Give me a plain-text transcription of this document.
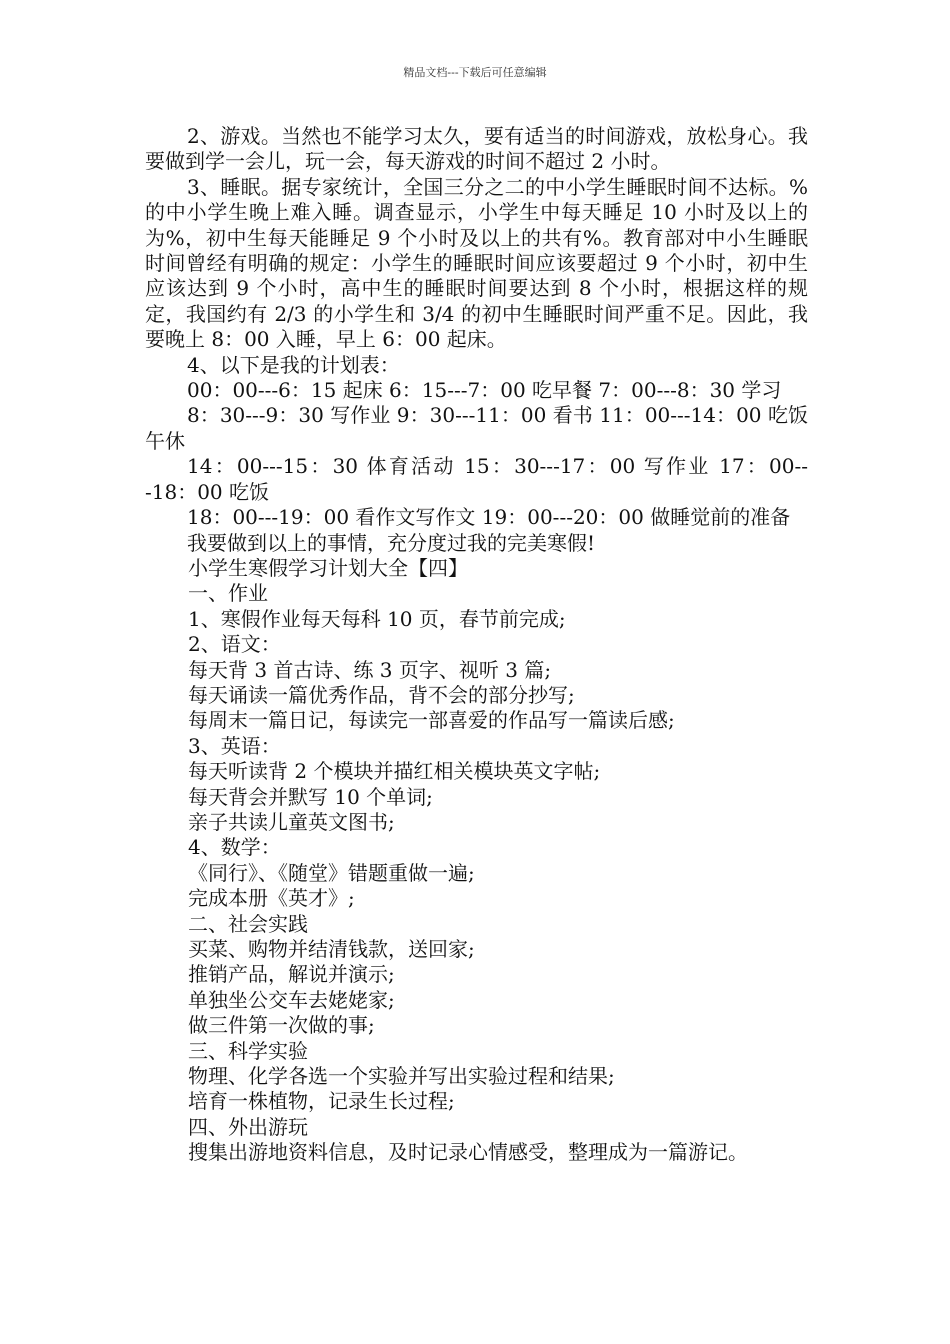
精品文档---下载后可任意编辑

2、游戏。当然也不能学习太久，要有适当的时间游戏，放松身心。我要做到学一会儿，玩一会，每天游戏的时间不超过 2 小时。

3、睡眠。据专家统计，全国三分之二的中小学生睡眠时间不达标。%的中小学生晚上难入睡。调查显示，小学生中每天睡足 10 小时及以上的为%，初中生每天能睡足 9 个小时及以上的共有%。教育部对中小生睡眠时间曾经有明确的规定：小学生的睡眠时间应该要超过 9 个小时，初中生应该达到 9 个小时，高中生的睡眠时间要达到 8 个小时，根据这样的规定，我国约有 2/3 的小学生和 3/4 的初中生睡眠时间严重不足。因此，我要晚上 8：00 入睡，早上 6：00 起床。

4、以下是我的计划表：

00：00---6：15 起床 6：15---7：00 吃早餐 7：00---8：30 学习

8：30---9：30 写作业 9：30---11：00 看书 11：00---14：00 吃饭午休

14：00---15：30 体育活动 15：30---17：00 写作业 17：00---18：00 吃饭

18：00---19：00 看作文写作文 19：00---20：00 做睡觉前的准备

我要做到以上的事情，充分度过我的完美寒假!

小学生寒假学习计划大全【四】

一、作业

1、寒假作业每天每科 10 页，春节前完成;

2、语文：

每天背 3 首古诗、练 3 页字、视听 3 篇;

每天诵读一篇优秀作品，背不会的部分抄写;

每周末一篇日记，每读完一部喜爱的作品写一篇读后感;

3、英语：

每天听读背 2 个模块并描红相关模块英文字帖;

每天背会并默写 10 个单词;

亲子共读儿童英文图书;

4、数学：

《同行》、《随堂》错题重做一遍;

完成本册《英才》;

二、社会实践

买菜、购物并结清钱款，送回家;

推销产品，解说并演示;

单独坐公交车去姥姥家;

做三件第一次做的事;

三、科学实验

物理、化学各选一个实验并写出实验过程和结果;

培育一株植物，记录生长过程;

四、外出游玩

搜集出游地资料信息，及时记录心情感受，整理成为一篇游记。
